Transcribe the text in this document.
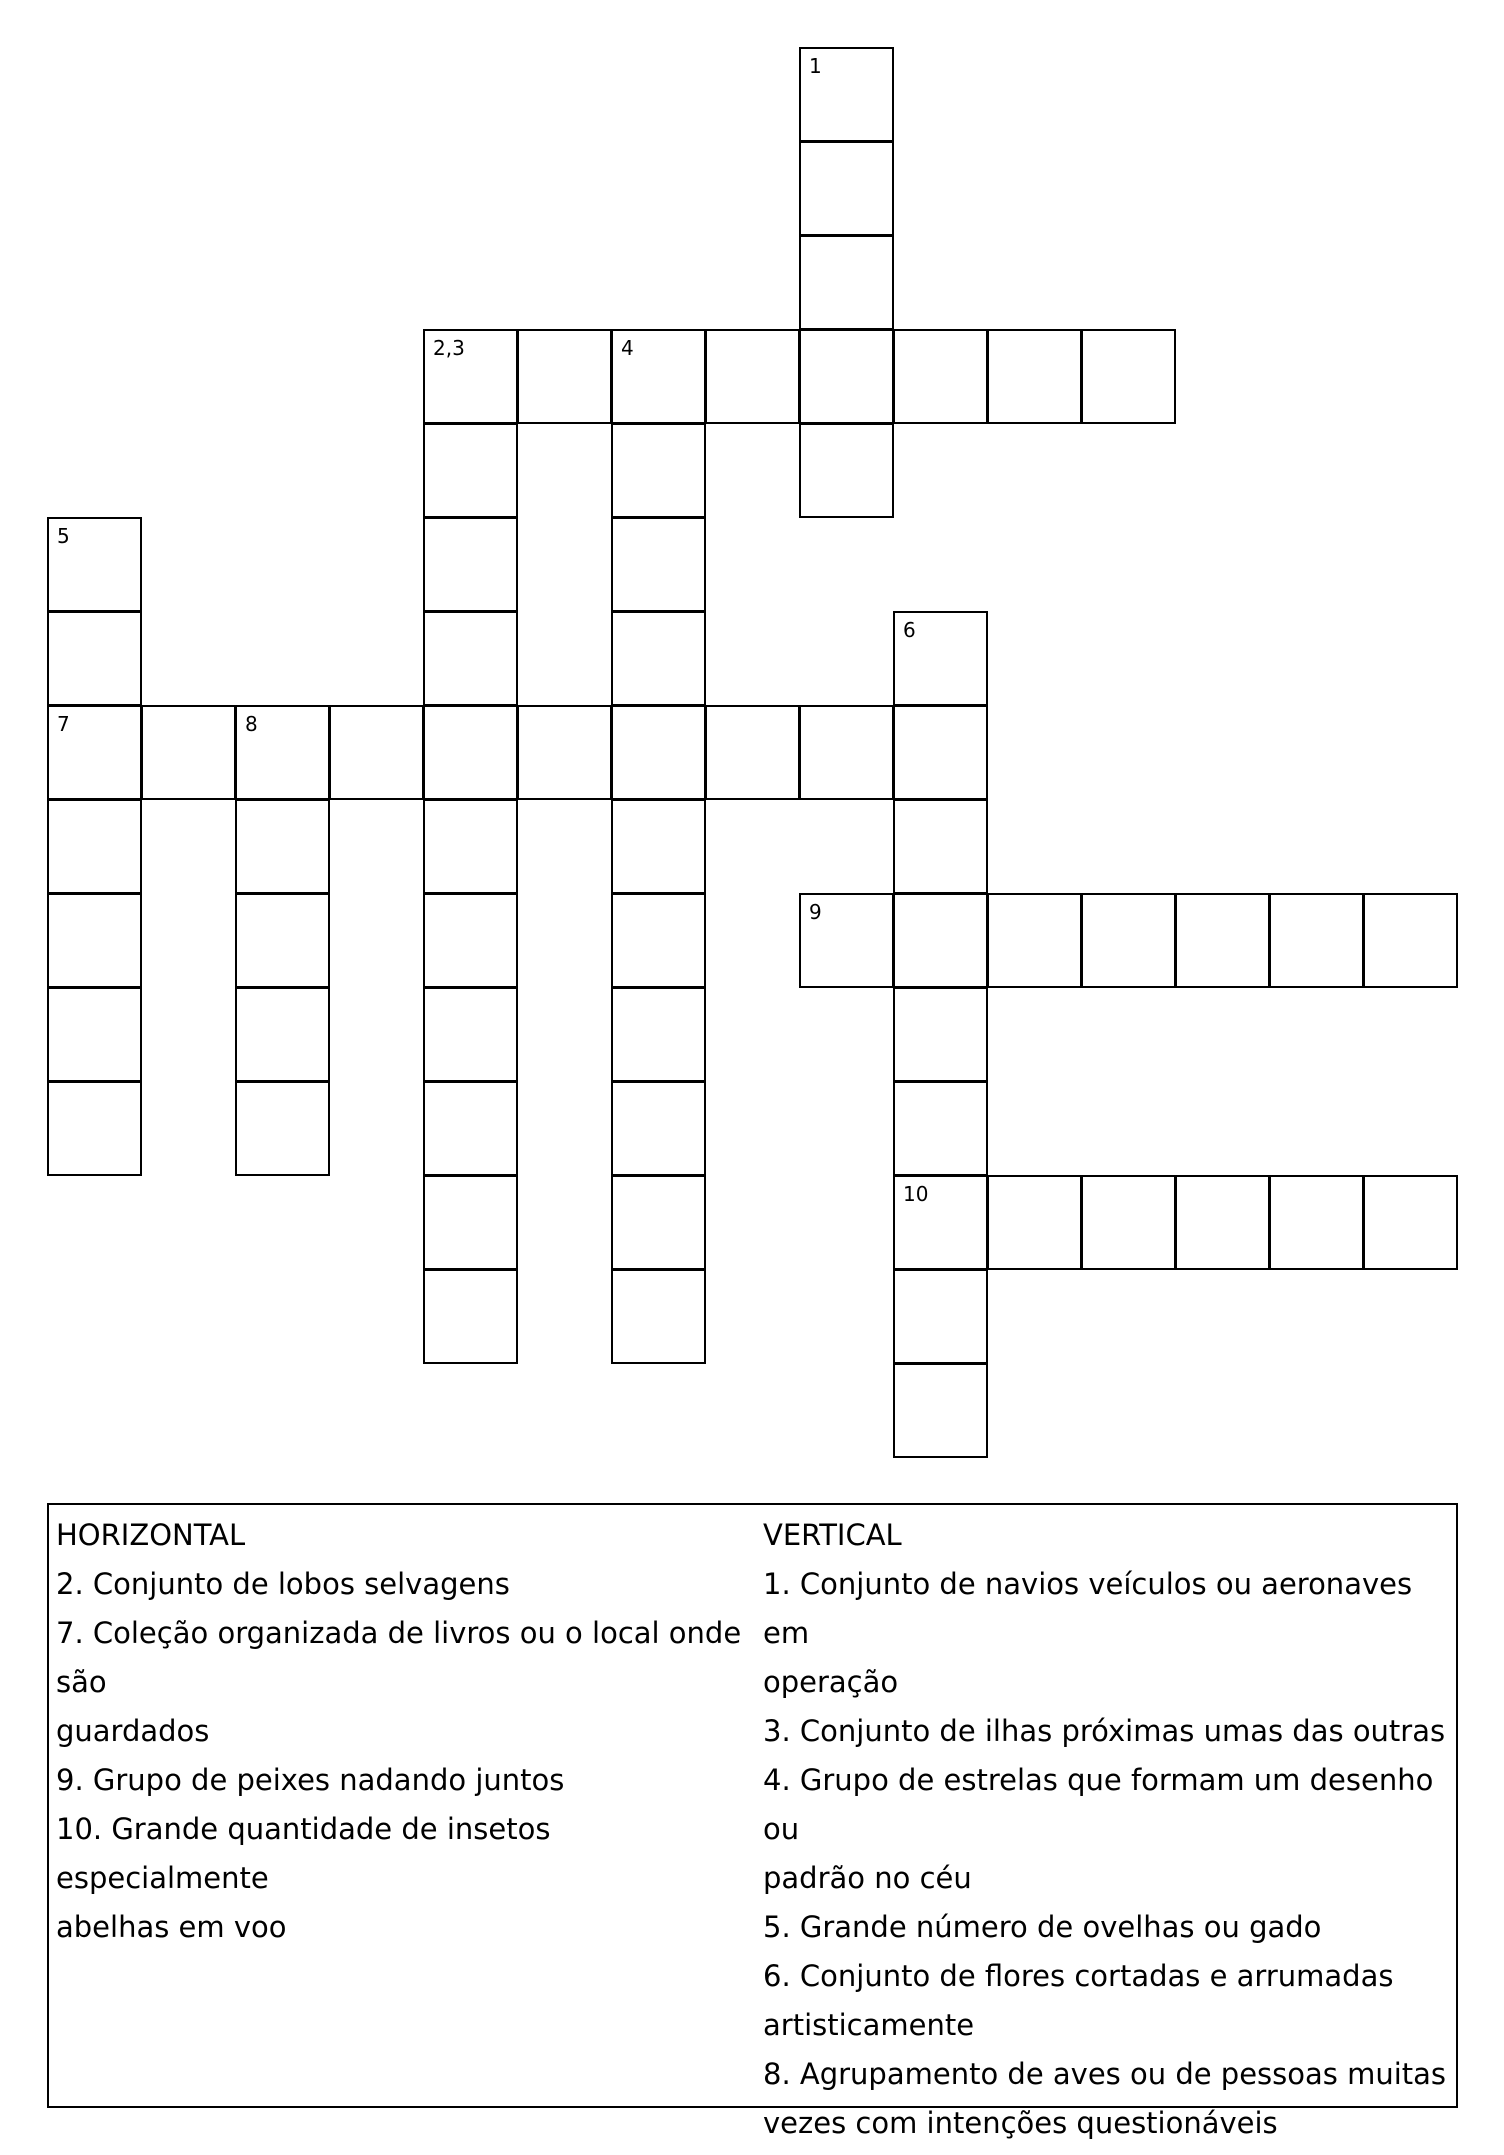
1
2,3	4
5
6
7	8
9
10

HORIZONTAL

2. Conjunto de lobos selvagens

7. Coleção organizada de livros ou o local onde são

guardados

9. Grupo de peixes nadando juntos

10. Grande quantidade de insetos especialmente

abelhas em voo

VERTICAL

1. Conjunto de navios veículos ou aeronaves em

operação

3. Conjunto de ilhas próximas umas das outras

4. Grupo de estrelas que formam um desenho ou

padrão no céu

5. Grande número de ovelhas ou gado

6. Conjunto de flores cortadas e arrumadas

artisticamente

8. Agrupamento de aves ou de pessoas muitas

vezes com intenções questionáveis
